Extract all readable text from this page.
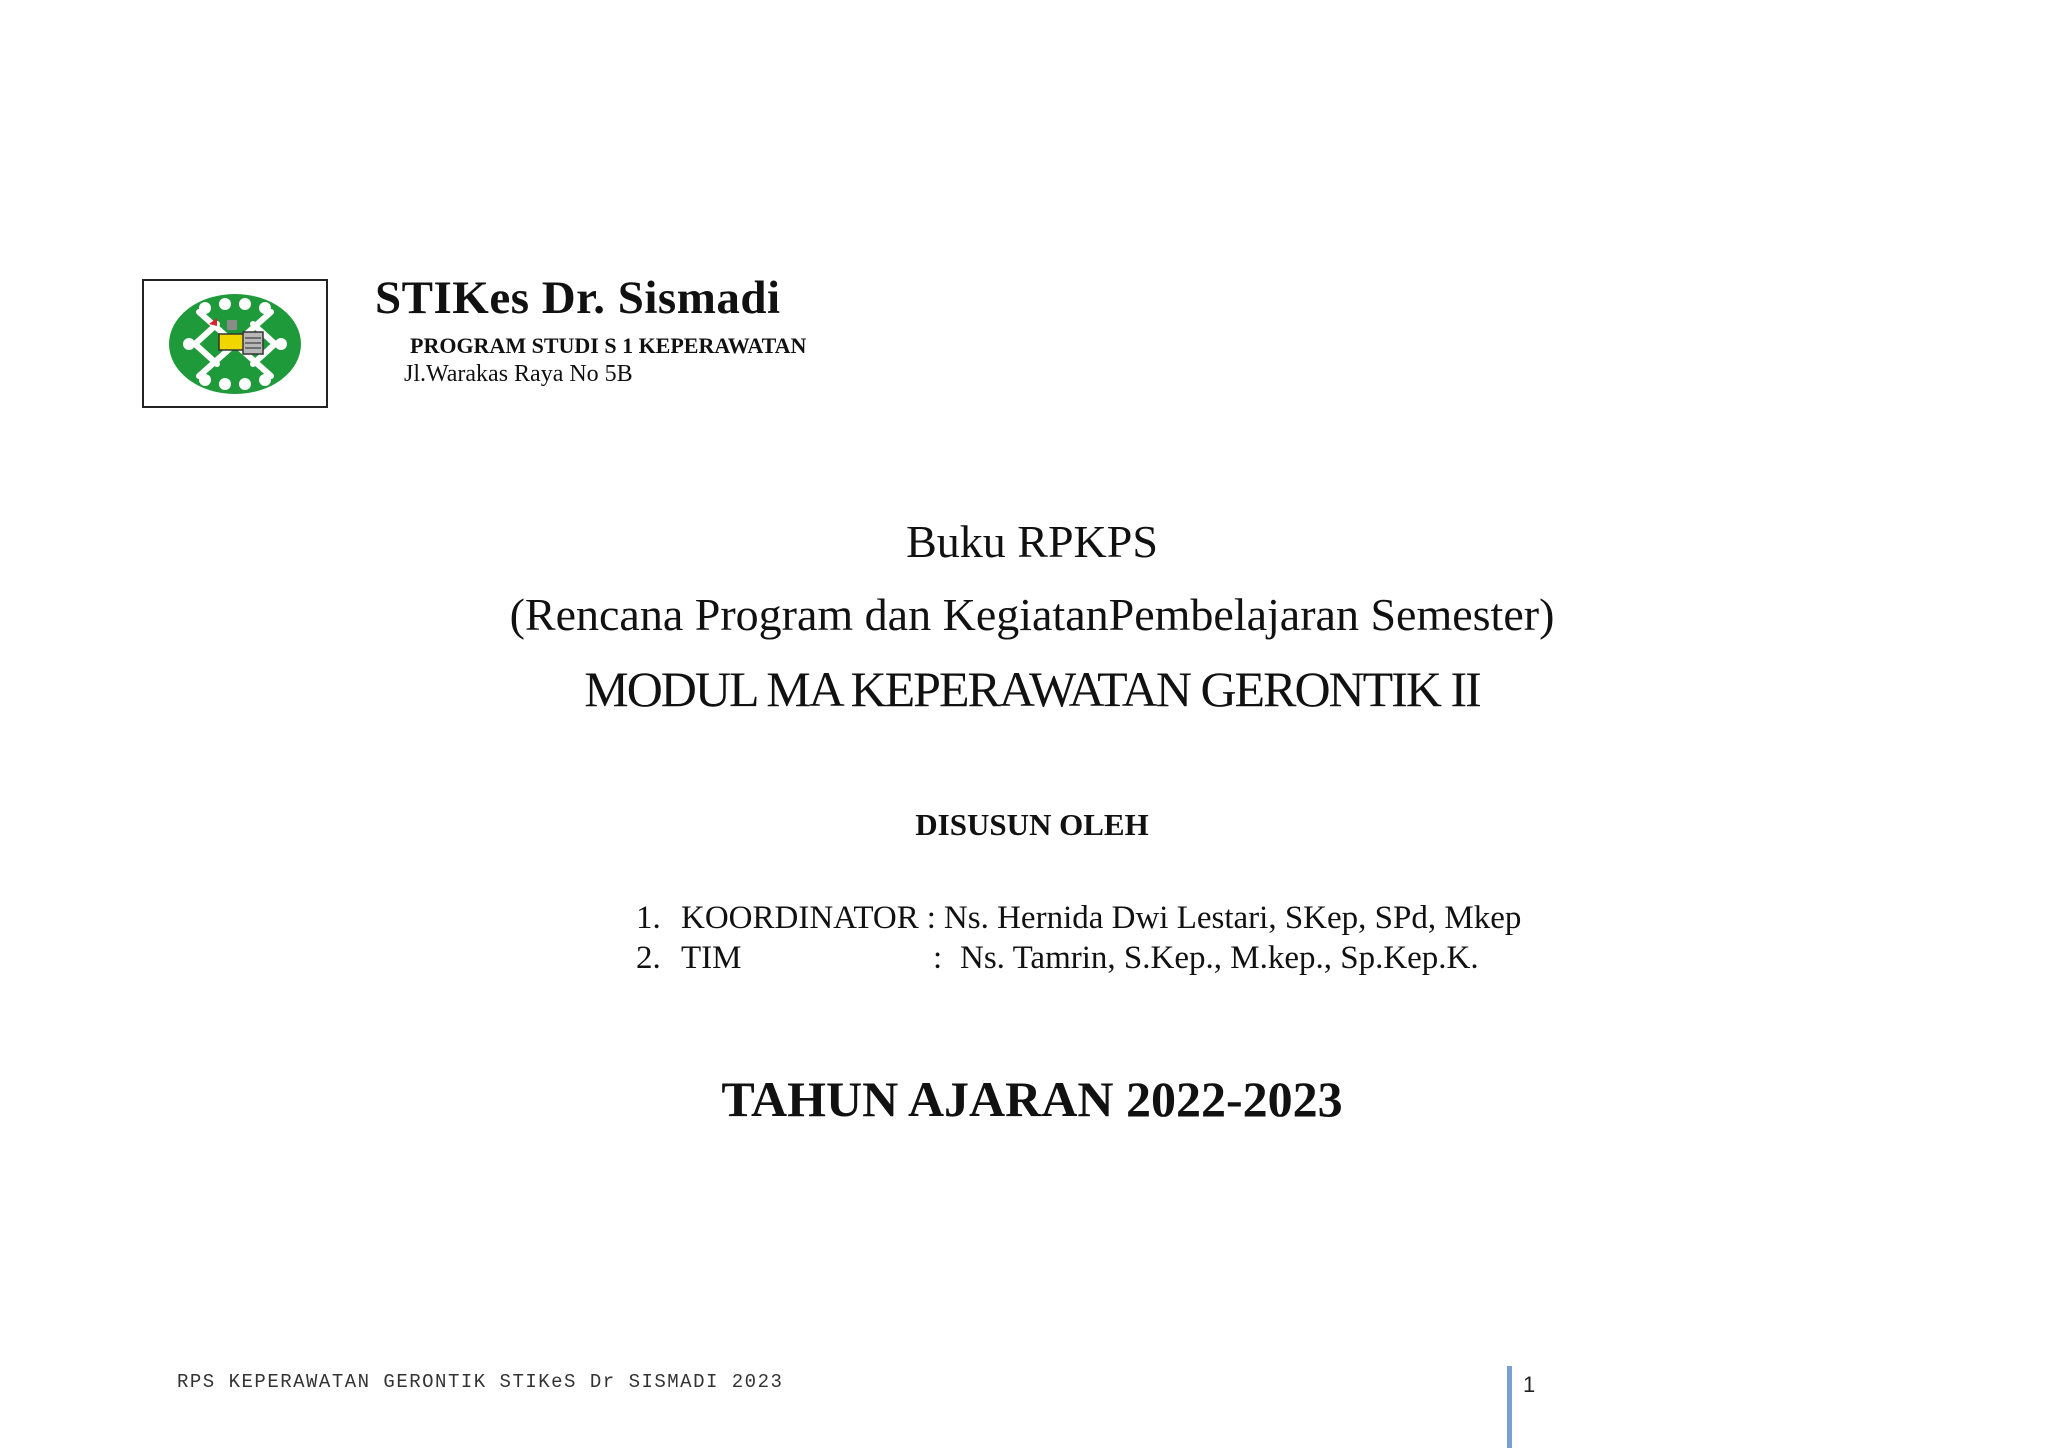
STIKes Dr. Sismadi
PROGRAM STUDI S 1 KEPERAWATAN
Jl.Warakas Raya No 5B
Buku RPKPS
(Rencana Program dan KegiatanPembelajaran Semester)
MODUL MA KEPERAWATAN GERONTIK II
DISUSUN OLEH
1. KOORDINATOR : Ns. Hernida Dwi Lestari, SKep, SPd, Mkep
2. TIM	: Ns. Tamrin, S.Kep., M.kep., Sp.Kep.K.
TAHUN AJARAN 2022-2023
RPS KEPERAWATAN GERONTIK STIKeS Dr SISMADI 2023	1
